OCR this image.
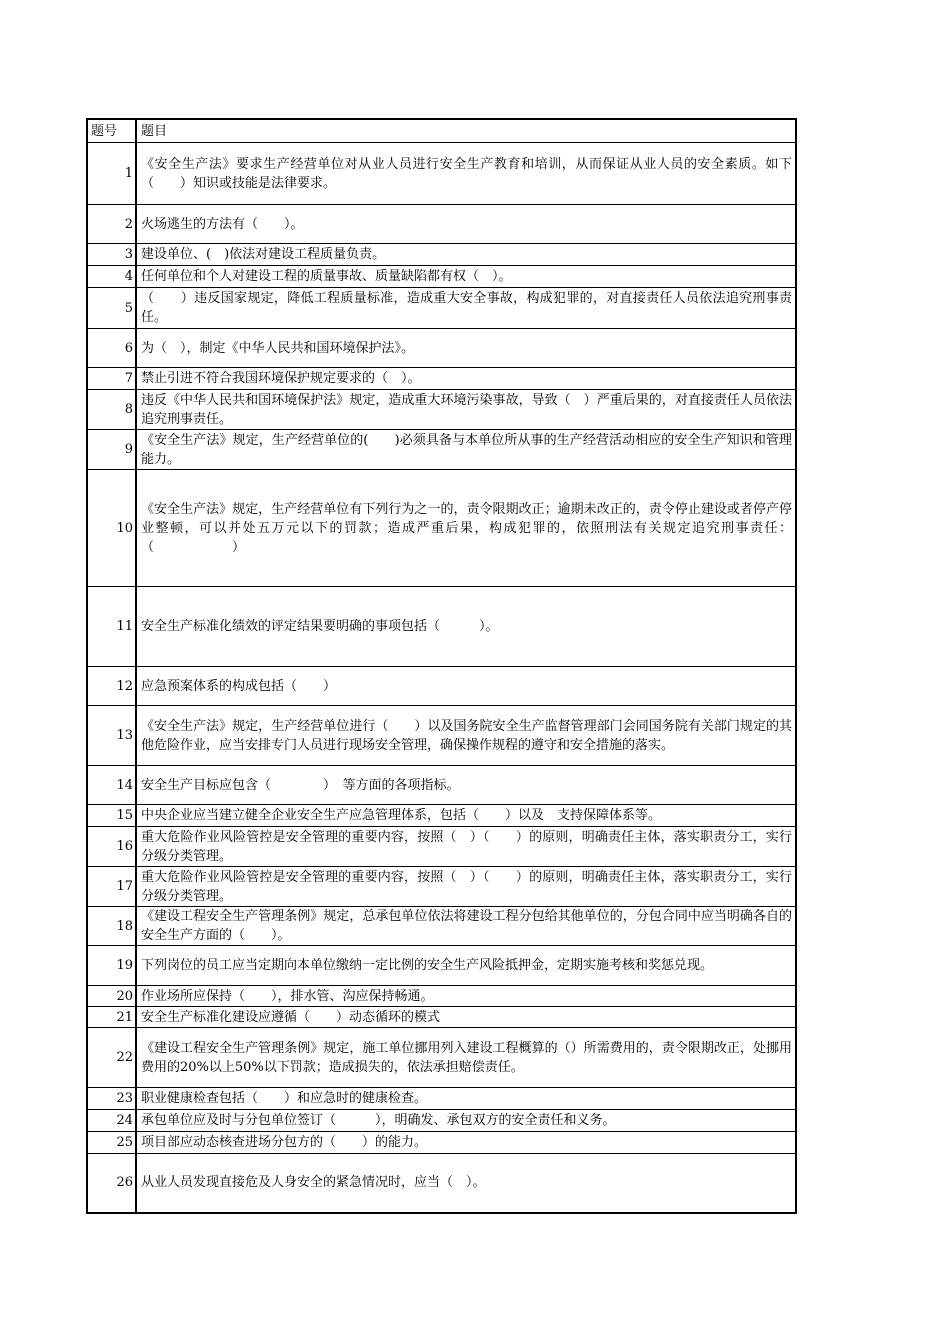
题号	题目
1	《安全生产法》要求生产经营单位对从业人员进行安全生产教育和培训，从而保证从业人员的安全素质。如下（　　）知识或技能是法律要求。
2	火场逃生的方法有（　　）。
3	建设单位、(　)依法对建设工程质量负责。
4	任何单位和个人对建设工程的质量事故、质量缺陷都有权（　）。
5	（　　）违反国家规定，降低工程质量标准，造成重大安全事故，构成犯罪的，对直接责任人员依法追究刑事责任。
6	为（　），制定《中华人民共和国环境保护法》。
7	禁止引进不符合我国环境保护规定要求的（　）。
8	违反《中华人民共和国环境保护法》规定，造成重大环境污染事故，导致（　）严重后果的，对直接责任人员依法追究刑事责任。
9	《安全生产法》规定，生产经营单位的(　　)必须具备与本单位所从事的生产经营活动相应的安全生产知识和管理能力。
10	《安全生产法》规定，生产经营单位有下列行为之一的，责令限期改正；逾期未改正的，责令停止建设或者停产停业整顿，可以并处五万元以下的罚款；造成严重后果，构成犯罪的，依照刑法有关规定追究刑事责任：（　　　　　　）
11	安全生产标准化绩效的评定结果要明确的事项包括（　　　）。
12	应急预案体系的构成包括（　　）
13	《安全生产法》规定，生产经营单位进行（　　）以及国务院安全生产监督管理部门会同国务院有关部门规定的其他危险作业，应当安排专门人员进行现场安全管理，确保操作规程的遵守和安全措施的落实。
14	安全生产目标应包含（　　　　）　等方面的各项指标。
15	中央企业应当建立健全企业安全生产应急管理体系，包括（　　）以及　支持保障体系等。
16	重大危险作业风险管控是安全管理的重要内容，按照（　）（　　）的原则，明确责任主体，落实职责分工，实行分级分类管理。
17	重大危险作业风险管控是安全管理的重要内容，按照（　）（　　）的原则，明确责任主体，落实职责分工，实行分级分类管理。
18	《建设工程安全生产管理条例》规定，总承包单位依法将建设工程分包给其他单位的，分包合同中应当明确各自的安全生产方面的（　　）。
19	下列岗位的员工应当定期向本单位缴纳一定比例的安全生产风险抵押金，定期实施考核和奖惩兑现。
20	作业场所应保持（　　），排水管、沟应保持畅通。
21	安全生产标准化建设应遵循（　　）动态循环的模式
22	《建设工程安全生产管理条例》规定，施工单位挪用列入建设工程概算的（）所需费用的，责令限期改正，处挪用费用的20%以上50%以下罚款；造成损失的，依法承担赔偿责任。
23	职业健康检查包括（　　）和应急时的健康检查。
24	承包单位应及时与分包单位签订（　　　），明确发、承包双方的安全责任和义务。
25	项目部应动态核查进场分包方的（　　）的能力。
26	从业人员发现直接危及人身安全的紧急情况时，应当（　）。
